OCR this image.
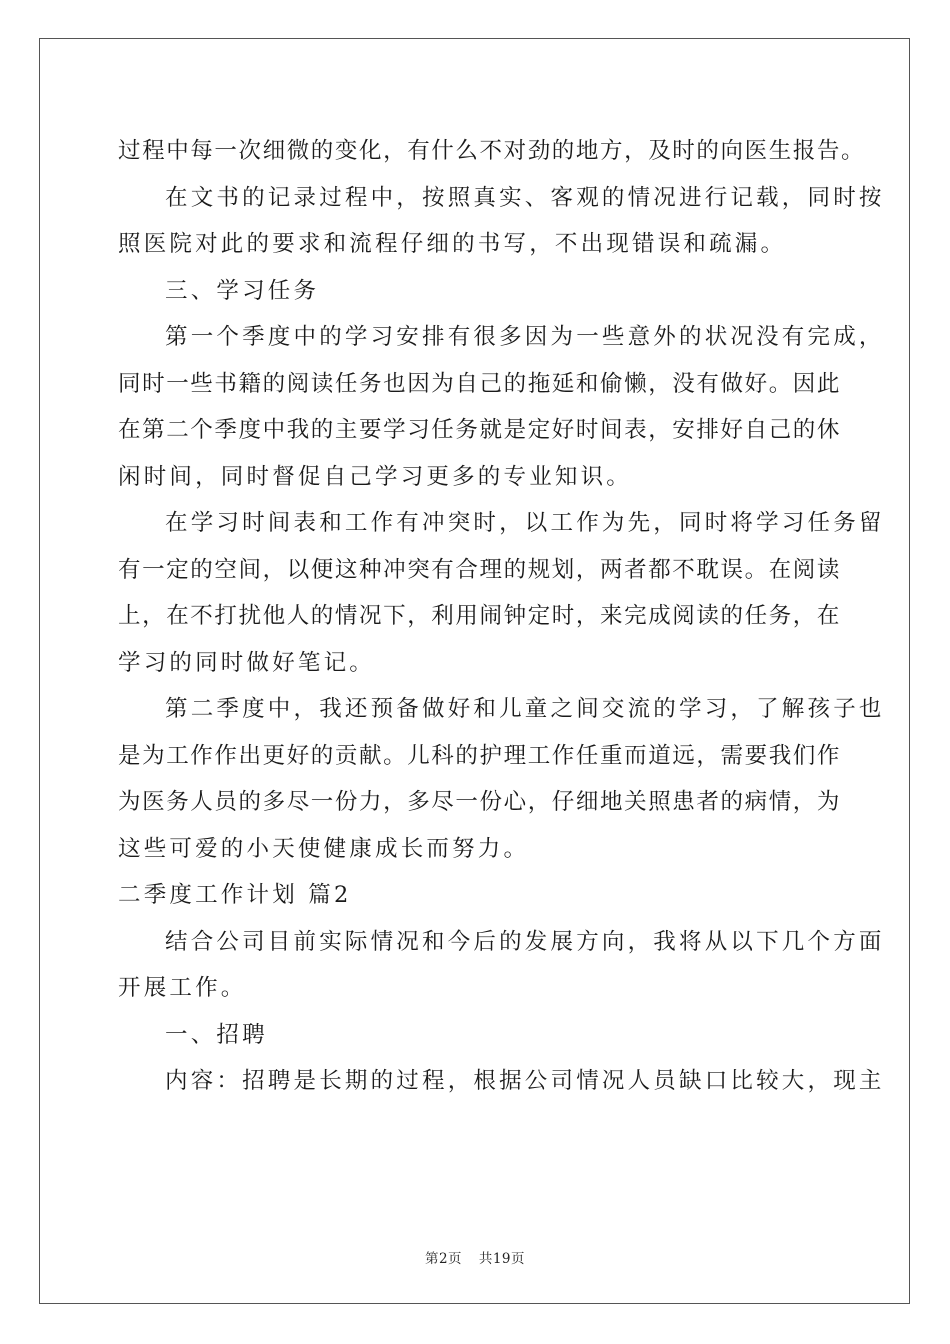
过程中每一次细微的变化，有什么不对劲的地方，及时的向医生报告。
在文书的记录过程中，按照真实、客观的情况进行记载，同时按
照医院对此的要求和流程仔细的书写，不出现错误和疏漏。
三、学习任务
第一个季度中的学习安排有很多因为一些意外的状况没有完成，
同时一些书籍的阅读任务也因为自己的拖延和偷懒，没有做好。因此
在第二个季度中我的主要学习任务就是定好时间表，安排好自己的休
闲时间，同时督促自己学习更多的专业知识。
在学习时间表和工作有冲突时，以工作为先，同时将学习任务留
有一定的空间，以便这种冲突有合理的规划，两者都不耽误。在阅读
上，在不打扰他人的情况下，利用闹钟定时，来完成阅读的任务，在
学习的同时做好笔记。
第二季度中，我还预备做好和儿童之间交流的学习，了解孩子也
是为工作作出更好的贡献。儿科的护理工作任重而道远，需要我们作
为医务人员的多尽一份力，多尽一份心，仔细地关照患者的病情，为
这些可爱的小天使健康成长而努力。
二季度工作计划 篇2
结合公司目前实际情况和今后的发展方向，我将从以下几个方面
开展工作。
一、招聘
内容：招聘是长期的过程，根据公司情况人员缺口比较大，现主
第2页 共19页
